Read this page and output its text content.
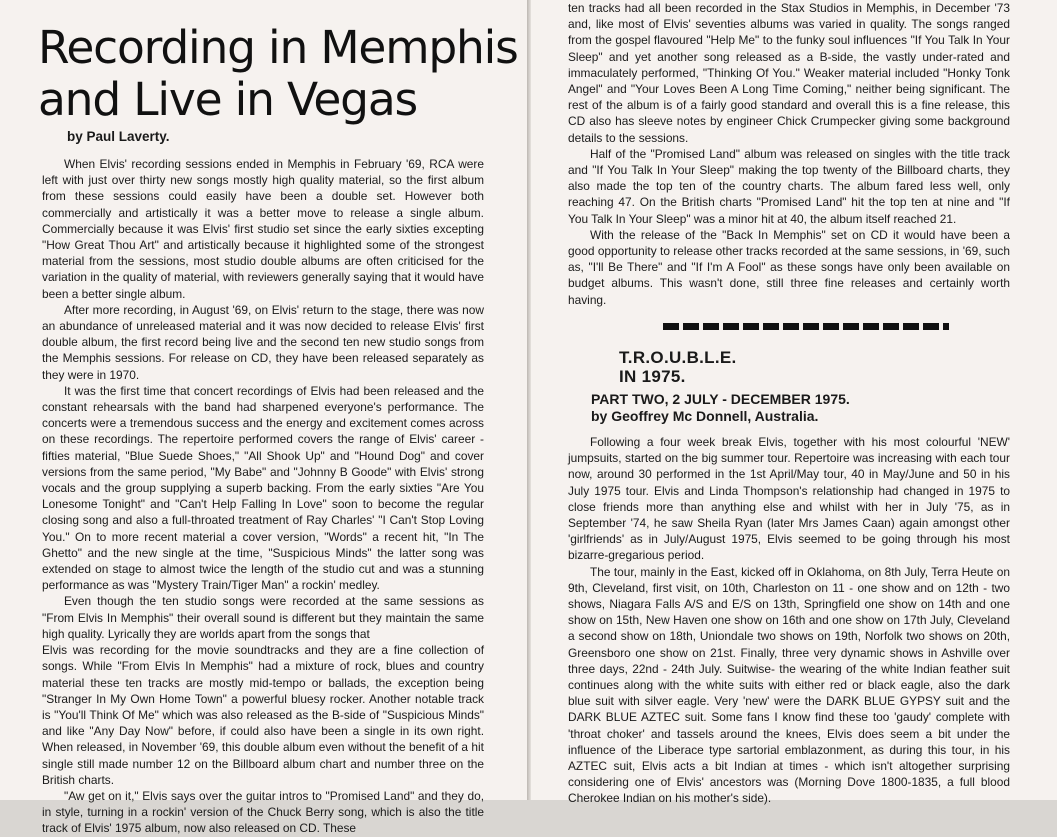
Recording in Memphis
and Live in Vegas

by Paul Laverty.

When Elvis' recording sessions ended in Memphis in February '69, RCA were left with just over thirty new songs mostly high quality material, so the first album from these sessions could easily have been a double set. However both commercially and artistically it was a better move to release a single album. Commercially because it was Elvis' first studio set since the early sixties excepting "How Great Thou Art" and artistically because it highlighted some of the strongest material from the sessions, most studio double albums are often criticised for the variation in the quality of material, with reviewers generally saying that it would have been a better single album.

After more recording, in August '69, on Elvis' return to the stage, there was now an abundance of unreleased material and it was now decided to release Elvis' first double album, the first record being live and the second ten new studio songs from the Memphis sessions. For release on CD, they have been released separately as they were in 1970.

It was the first time that concert recordings of Elvis had been released and the constant rehearsals with the band had sharpened everyone's performance. The concerts were a tremendous success and the energy and excitement comes across on these recordings. The repertoire performed covers the range of Elvis' career - fifties material, "Blue Suede Shoes," "All Shook Up" and "Hound Dog" and cover versions from the same period, "My Babe" and "Johnny B Goode" with Elvis' strong vocals and the group supplying a superb backing. From the early sixties "Are You Lonesome Tonight" and "Can't Help Falling In Love" soon to become the regular closing song and also a full-throated treatment of Ray Charles' "I Can't Stop Loving You." On to more recent material a cover version, "Words" a recent hit, "In The Ghetto" and the new single at the time, "Suspicious Minds" the latter song was extended on stage to almost twice the length of the studio cut and was a stunning performance as was "Mystery Train/Tiger Man" a rockin' medley.

Even though the ten studio songs were recorded at the same sessions as "From Elvis In Memphis" their overall sound is different but they maintain the same high quality. Lyrically they are worlds apart from the songs that

Elvis was recording for the movie soundtracks and they are a fine collection of songs. While "From Elvis In Memphis" had a mixture of rock, blues and country material these ten tracks are mostly mid-tempo or ballads, the exception being "Stranger In My Own Home Town" a powerful bluesy rocker. Another notable track is "You'll Think Of Me" which was also released as the B-side of "Suspicious Minds" and like "Any Day Now" before, if could also have been a single in its own right. When released, in November '69, this double album even without the benefit of a hit single still made number 12 on the Billboard album chart and number three on the British charts.

"Aw get on it," Elvis says over the guitar intros to "Promised Land" and they do, in style, turning in a rockin' version of the Chuck Berry song, which is also the title track of Elvis' 1975 album, now also released on CD. These

ten tracks had all been recorded in the Stax Studios in Memphis, in December '73 and, like most of Elvis' seventies albums was varied in quality. The songs ranged from the gospel flavoured "Help Me" to the funky soul influences "If You Talk In Your Sleep" and yet another song released as a B-side, the vastly under-rated and immaculately performed, "Thinking Of You." Weaker material included "Honky Tonk Angel" and "Your Loves Been A Long Time Coming," neither being significant. The rest of the album is of a fairly good standard and overall this is a fine release, this CD also has sleeve notes by engineer Chick Crumpecker giving some background details to the sessions.

Half of the "Promised Land" album was released on singles with the title track and "If You Talk In Your Sleep" making the top twenty of the Billboard charts, they also made the top ten of the country charts. The album fared less well, only reaching 47. On the British charts "Promised Land" hit the top ten at nine and "If You Talk In Your Sleep" was a minor hit at 40, the album itself reached 21.

With the release of the "Back In Memphis" set on CD it would have been a good opportunity to release other tracks recorded at the same sessions, in '69, such as, "I'll Be There" and "If I'm A Fool" as these songs have only been available on budget albums. This wasn't done, still three fine releases and certainly worth having.

T.R.O.U.B.L.E.
IN 1975.

PART TWO, 2 JULY - DECEMBER 1975.
by Geoffrey Mc Donnell, Australia.

Following a four week break Elvis, together with his most colourful 'NEW' jumpsuits, started on the big summer tour. Repertoire was increasing with each tour now, around 30 performed in the 1st April/May tour, 40 in May/June and 50 in his July 1975 tour. Elvis and Linda Thompson's relationship had changed in 1975 to close friends more than anything else and whilst with her in July '75, as in September '74, he saw Sheila Ryan (later Mrs James Caan) again amongst other 'girlfriends' as in July/August 1975, Elvis seemed to be going through his most bizarre-gregarious period.

The tour, mainly in the East, kicked off in Oklahoma, on 8th July, Terra Heute on 9th, Cleveland, first visit, on 10th, Charleston on 11 - one show and on 12th - two shows, Niagara Falls A/S and E/S on 13th, Springfield one show on 14th and one show on 15th, New Haven one show on 16th and one show on 17th July, Cleveland a second show on 18th, Uniondale two shows on 19th, Norfolk two shows on 20th, Greensboro one show on 21st. Finally, three very dynamic shows in Ashville over three days, 22nd - 24th July. Suitwise- the wearing of the white Indian feather suit continues along with the white suits with either red or black eagle, also the dark blue suit with silver eagle. Very 'new' were the DARK BLUE GYPSY suit and the DARK BLUE AZTEC suit. Some fans I know find these too 'gaudy' complete with 'throat choker' and tassels around the knees, Elvis does seem a bit under the influence of the Liberace type sartorial emblazonment, as during this tour, in his AZTEC suit, Elvis acts a bit Indian at times - which isn't altogether surprising considering one of Elvis' ancestors was (Morning Dove 1800-1835, a full blood Cherokee Indian on his mother's side).
